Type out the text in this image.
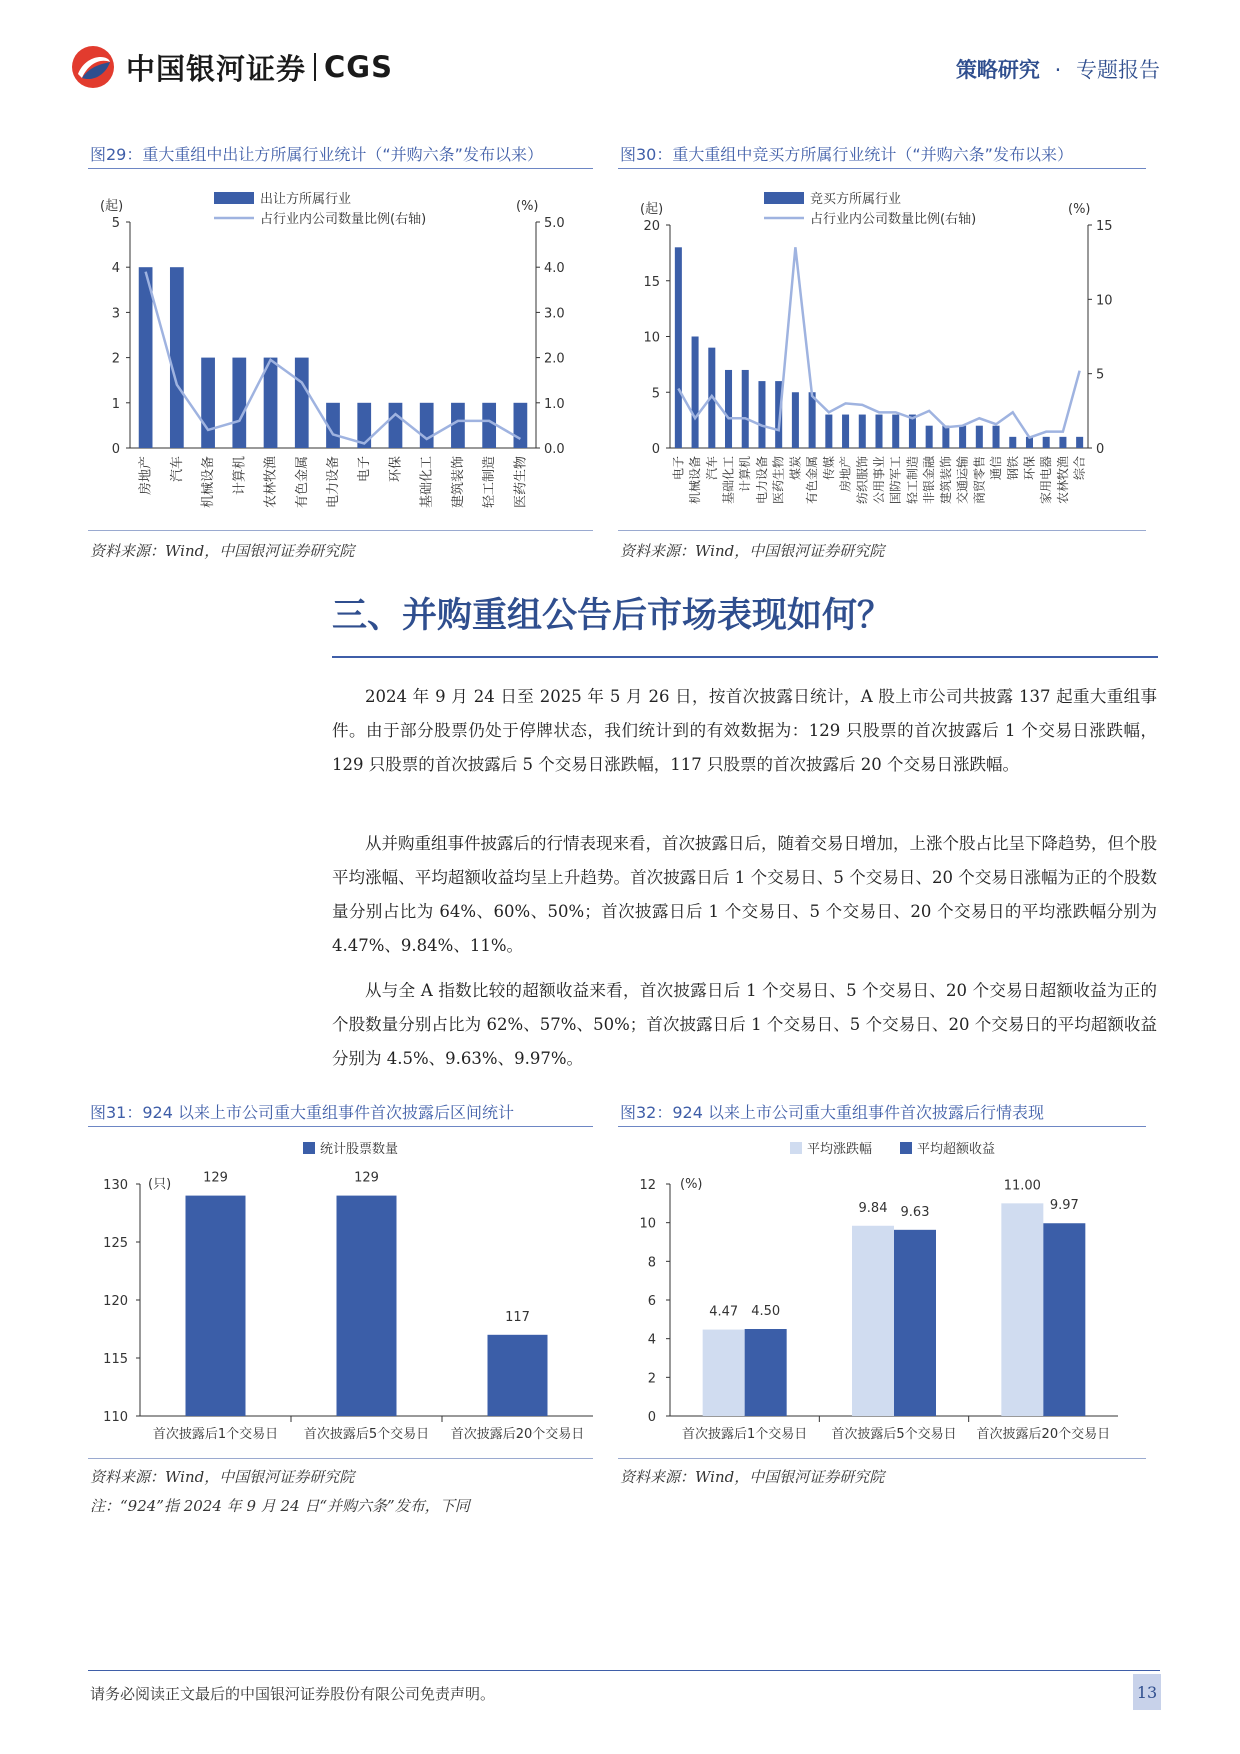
中国银河证券 CGS	策略研究 · 专题报告
图29：重大重组中出让方所属行业统计（“并购六条”发布以来）
(起)	(%)
0
1
2
3
4
5
0.0
1.0
2.0
3.0
4.0
5.0
房地产 汽车 机械设备 计算机 农林牧渔 有色金属 电力设备 电子 环保 基础化工 建筑装饰 轻工制造 医药生物
出让方所属行业
占行业内公司数量比例(右轴)
资料来源：Wind，中国银河证券研究院
图30：重大重组中竞买方所属行业统计（“并购六条”发布以来）
(起)	(%)
0
5
10
15
20
0
5
10
15
电子 机械设备 汽车 基础化工 计算机 电力设备 医药生物 煤炭 有色金属 传媒 房地产 纺织服饰 公用事业 国防军工 轻工制造 非银金融 建筑装饰 交通运输 商贸零售 通信 钢铁 环保 家用电器 农林牧渔 综合
竞买方所属行业
占行业内公司数量比例(右轴)
资料来源：Wind，中国银河证券研究院
三、并购重组公告后市场表现如何？
2024 年 9 月 24 日至 2025 年 5 月 26 日，按首次披露日统计，A 股上市公司共披露 137 起重大重组事件。由于部分股票仍处于停牌状态，我们统计到的有效数据为：129 只股票的首次披露后 1 个交易日涨跌幅，129 只股票的首次披露后 5 个交易日涨跌幅，117 只股票的首次披露后 20 个交易日涨跌幅。
从并购重组事件披露后的行情表现来看，首次披露日后，随着交易日增加，上涨个股占比呈下降趋势，但个股平均涨幅、平均超额收益均呈上升趋势。首次披露日后 1 个交易日、5 个交易日、20 个交易日涨幅为正的个股数量分别占比为 64%、60%、50%；首次披露日后 1 个交易日、5 个交易日、20 个交易日的平均涨跌幅分别为 4.47%、9.84%、11%。
从与全 A 指数比较的超额收益来看，首次披露日后 1 个交易日、5 个交易日、20 个交易日超额收益为正的个股数量分别占比为 62%、57%、50%；首次披露日后 1 个交易日、5 个交易日、20 个交易日的平均超额收益分别为 4.5%、9.63%、9.97%。
图31：924 以来上市公司重大重组事件首次披露后区间统计
(只)
110
115
120
125
130	129
首次披露后1个交易日
129
首次披露后5个交易日
117
首次披露后20个交易日
统计股票数量
资料来源：Wind，中国银河证券研究院
注：“924”指 2024 年 9 月 24 日“并购六条”发布，下同
图32：924 以来上市公司重大重组事件首次披露后行情表现
(%)
0
2
4
6
8
10
12
4.47 4.50
首次披露后1个交易日
9.84 9.63
首次披露后5个交易日
11.00
9.97
首次披露后20个交易日
平均涨跌幅	平均超额收益
资料来源：Wind，中国银河证券研究院
请务必阅读正文最后的中国银河证券股份有限公司免责声明。	13
